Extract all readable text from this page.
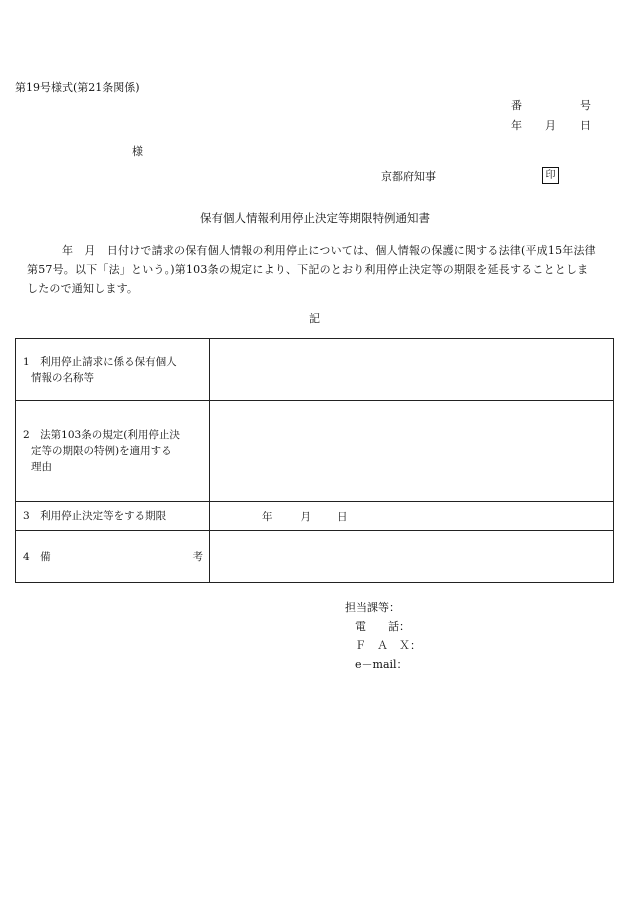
第19号様式(第21条関係)
番	号
年 月 日
様
京都府知事	印
保有個人情報利用停止決定等期限特例通知書
年　月　日付けで請求の保有個人情報の利用停止については、個人情報の保護に関する法律(平成15年法律
第57号。以下「法」という。)第103条の規定により、下記のとおり利用停止決定等の期限を延長することとしま
したので通知します。
記
1　利用停止請求に係る保有個人
情報の名称等	

2　法第103条の規定(利用停止決
定等の期限の特例)を適用する
理由	

3　利用停止決定等をする期限	年 月 日

4　備 考	

担当課等：
電　　話：
Ｆ　Ａ　Ｘ：
e－mail：
